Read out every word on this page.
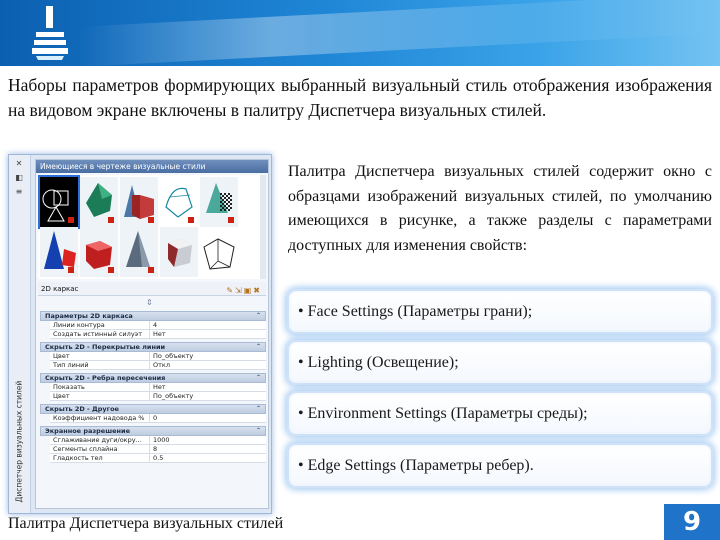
Наборы параметров формирующих выбранный визуальный стиль отображения изображения на видовом экране включены в палитру Диспетчера визуальных стилей.

✕
◧
≡
Диспетчер визуальных стилей
Имеющиеся в чертеже визуальные стили
2D каркас	✎⇲▣✖
⇕
Параметры 2D каркаса	⌃
Линии контура	4
Создать истинный силуэт	Нет
Скрыть 2D - Перекрытые линии	⌃
Цвет	По_объекту
Тип линий	Откл
Скрыть 2D - Ребра пересечения	⌃
Показать	Нет
Цвет	По_объекту
Скрыть 2D - Другое	⌃
Коэффициент надовода %	0
Экранное разрешение	⌃
Сглаживание дуги/окру...	1000
Сегменты сплайна	8
Гладкость тел	0.5

Палитра Диспетчера визуальных стилей содержит окно с образцами изображений визуальных стилей, по умолчанию имеющихся в рисунке, а также разделы с параметрами доступных для изменения свойств:

• Face Settings (Параметры грани);
• Lighting (Освещение);
• Environment Settings (Параметры среды);
• Edge Settings (Параметры ребер).
Палитра Диспетчера визуальных стилей	9
